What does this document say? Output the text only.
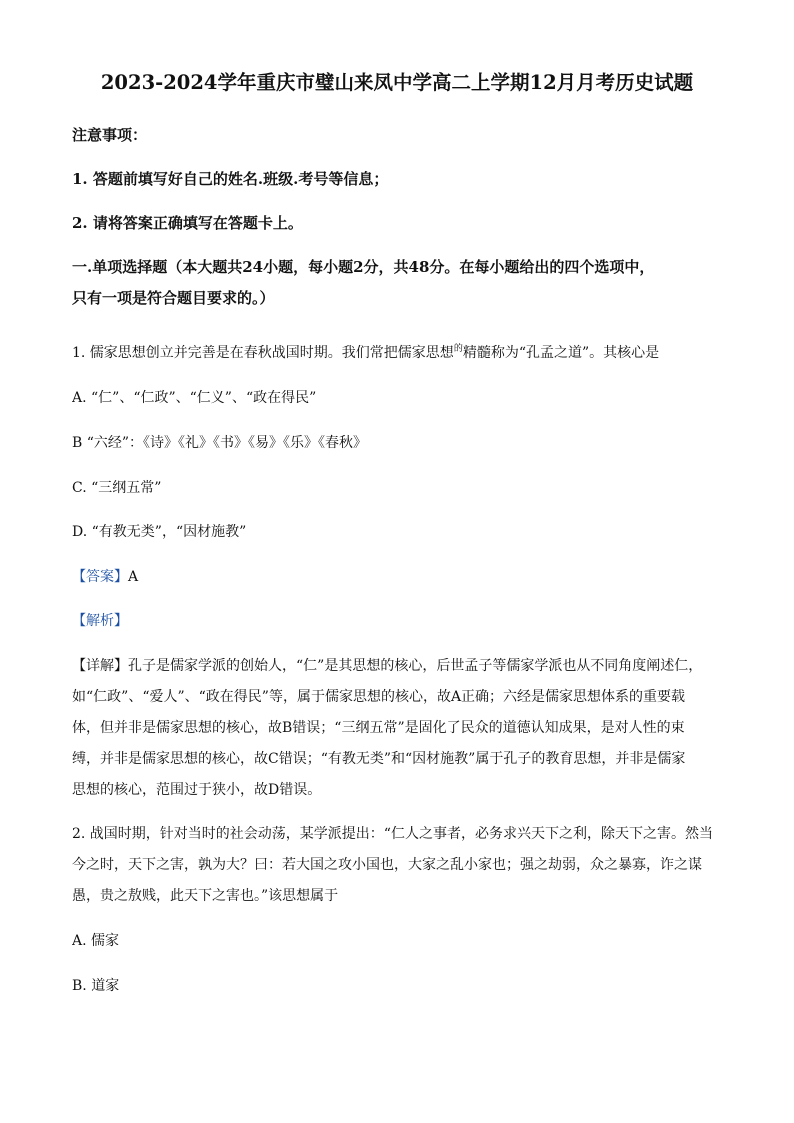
2023-2024学年重庆市璧山来凤中学高二上学期12月月考历史试题
注意事项：
1. 答题前填写好自己的姓名.班级.考号等信息；
2. 请将答案正确填写在答题卡上。
一.单项选择题（本大题共24小题，每小题2分，共48分。在每小题给出的四个选项中，
只有一项是符合题目要求的。）
1. 儒家思想创立并完善是在春秋战国时期。我们常把儒家思想$^的$精髓称为“孔孟之道”。其核心是
A. “仁”、“仁政”、“仁义”、“政在得民”
B “六经”：《诗》《礼》《书》《易》《乐》《春秋》
C. “三纲五常”
D. “有教无类”，“因材施教”
【答案】A
【解析】
【详解】孔子是儒家学派的创始人，“仁”是其思想的核心，后世孟子等儒家学派也从不同角度阐述仁，
如“仁政”、“爱人”、“政在得民”等，属于儒家思想的核心，故A正确；六经是儒家思想体系的重要载
体，但并非是儒家思想的核心，故B错误；“三纲五常”是固化了民众的道德认知成果，是对人性的束
缚，并非是儒家思想的核心，故C错误；“有教无类”和“因材施教”属于孔子的教育思想，并非是儒家
思想的核心，范围过于狭小，故D错误。
2. 战国时期，针对当时的社会动荡，某学派提出：“仁人之事者，必务求兴天下之利，除天下之害。然当
今之时，天下之害，孰为大？曰：若大国之攻小国也，大家之乱小家也；强之劫弱，众之暴寡，诈之谋
愚，贵之敖贱，此天下之害也。”该思想属于
A. 儒家
B. 道家
